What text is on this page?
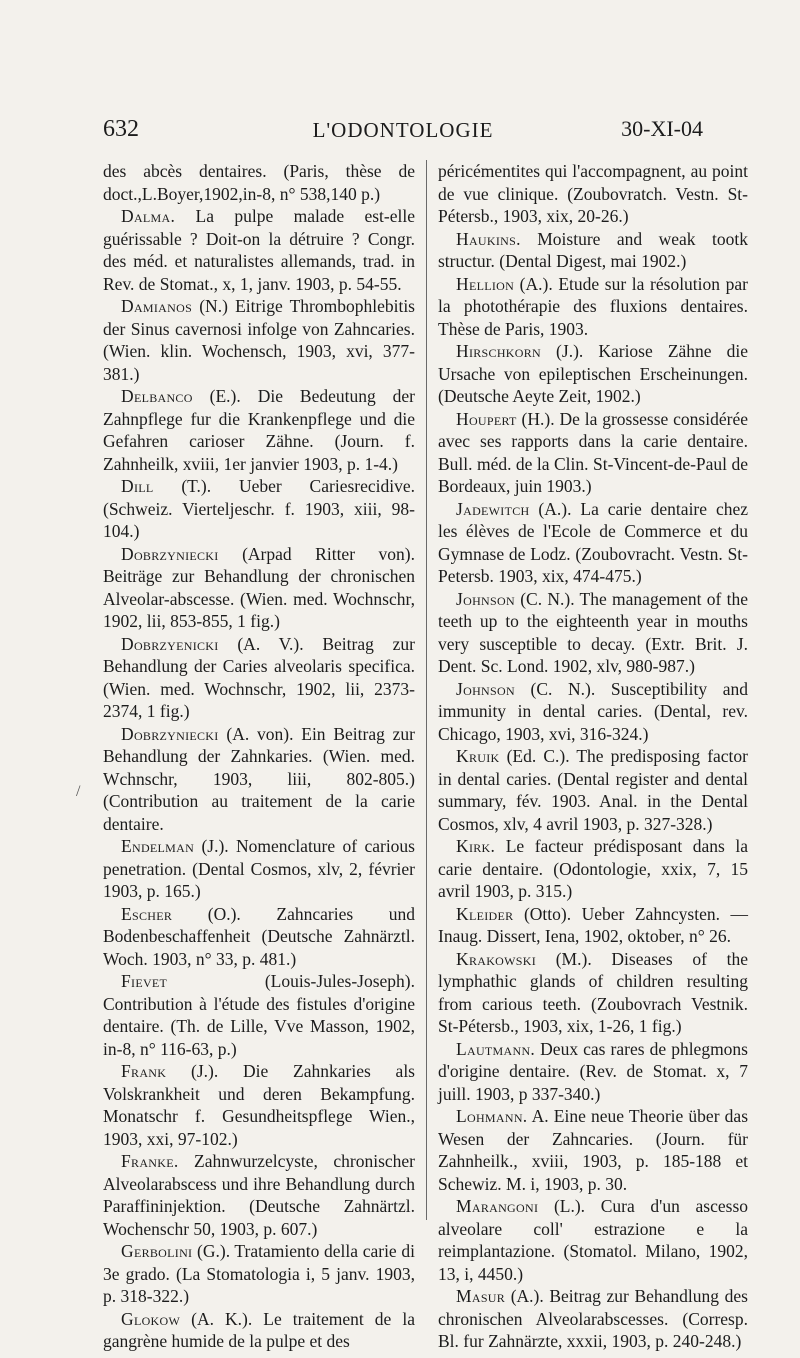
632	L'ODONTOLOGIE	30-XI-04
/

des abcès dentaires. (Paris, thèse de doct.,L.Boyer,1902,in-8, n° 538,140 p.)

Dalma. La pulpe malade est-elle guérissable ? Doit-on la détruire ? Congr. des méd. et naturalistes allemands, trad. in Rev. de Stomat., x, 1, janv. 1903, p. 54-55.

Damianos (N.) Eitrige Thrombophlebitis der Sinus cavernosi infolge von Zahncaries. (Wien. klin. Wochensch, 1903, xvi, 377-381.)

Delbanco (E.). Die Bedeutung der Zahnpflege fur die Krankenpflege und die Gefahren carioser Zähne. (Journ. f. Zahnheilk, xviii, 1er janvier 1903, p. 1-4.)

Dill (T.). Ueber Cariesrecidive. (Schweiz. Vierteljeschr. f. 1903, xiii, 98-104.)

Dobrzyniecki (Arpad Ritter von). Beiträge zur Behandlung der chronischen Alveolar-abscesse. (Wien. med. Wochnschr, 1902, lii, 853-855, 1 fig.)

Dobrzyenicki (A. V.). Beitrag zur Behandlung der Caries alveolaris specifica. (Wien. med. Wochnschr, 1902, lii, 2373-2374, 1 fig.)

Dobrzyniecki (A. von). Ein Beitrag zur Behandlung der Zahnkaries. (Wien. med. Wchnschr, 1903, liii, 802-805.) (Contribution au traitement de la carie dentaire.

Endelman (J.). Nomenclature of carious penetration. (Dental Cosmos, xlv, 2, février 1903, p. 165.)

Escher (O.). Zahncaries und Bodenbeschaffenheit (Deutsche Zahnärztl. Woch. 1903, n° 33, p. 481.)

Fievet (Louis-Jules-Joseph). Contribution à l'étude des fistules d'origine dentaire. (Th. de Lille, Vve Masson, 1902, in-8, n° 116-63, p.)

Frank (J.). Die Zahnkaries als Volskrankheit und deren Bekampfung. Monatschr f. Gesundheitspflege Wien., 1903, xxi, 97-102.)

Franke. Zahnwurzelcyste, chronischer Alveolarabscess und ihre Behandlung durch Paraffininjektion. (Deutsche Zahnärtzl. Wochenschr 50, 1903, p. 607.)

Gerbolini (G.). Tratamiento della carie di 3e grado. (La Stomatologia i, 5 janv. 1903, p. 318-322.)

Glokow (A. K.). Le traitement de la gangrène humide de la pulpe et des

péricémentites qui l'accompagnent, au point de vue clinique. (Zoubovratch. Vestn. St-Pétersb., 1903, xix, 20-26.)

Haukins. Moisture and weak tootk structur. (Dental Digest, mai 1902.)

Hellion (A.). Etude sur la résolution par la photothérapie des fluxions dentaires. Thèse de Paris, 1903.

Hirschkorn (J.). Kariose Zähne die Ursache von epileptischen Erscheinungen. (Deutsche Aeyte Zeit, 1902.)

Houpert (H.). De la grossesse considérée avec ses rapports dans la carie dentaire. Bull. méd. de la Clin. St-Vincent-de-Paul de Bordeaux, juin 1903.)

Jadewitch (A.). La carie dentaire chez les élèves de l'Ecole de Commerce et du Gymnase de Lodz. (Zoubovracht. Vestn. St-Petersb. 1903, xix, 474-475.)

Johnson (C. N.). The management of the teeth up to the eighteenth year in mouths very susceptible to decay. (Extr. Brit. J. Dent. Sc. Lond. 1902, xlv, 980-987.)

Johnson (C. N.). Susceptibility and immunity in dental caries. (Dental, rev. Chicago, 1903, xvi, 316-324.)

Kruik (Ed. C.). The predisposing factor in dental caries. (Dental register and dental summary, fév. 1903. Anal. in the Dental Cosmos, xlv, 4 avril 1903, p. 327-328.)

Kirk. Le facteur prédisposant dans la carie dentaire. (Odontologie, xxix, 7, 15 avril 1903, p. 315.)

Kleider (Otto). Ueber Zahncysten. — Inaug. Dissert, Iena, 1902, oktober, n° 26.

Krakowski (M.). Diseases of the lymphathic glands of children resulting from carious teeth. (Zoubovrach Vestnik. St-Pétersb., 1903, xix, 1-26, 1 fig.)

Lautmann. Deux cas rares de phlegmons d'origine dentaire. (Rev. de Stomat. x, 7 juill. 1903, p 337-340.)

Lohmann. A. Eine neue Theorie über das Wesen der Zahncaries. (Journ. für Zahnheilk., xviii, 1903, p. 185-188 et Schewiz. M. i, 1903, p. 30.

Marangoni (L.). Cura d'un ascesso alveolare coll' estrazione e la reimplantazione. (Stomatol. Milano, 1902, 13, i, 4450.)

Masur (A.). Beitrag zur Behandlung des chronischen Alveolarabscesses. (Corresp. Bl. fur Zahnärzte, xxxii, 1903, p. 240-248.)
